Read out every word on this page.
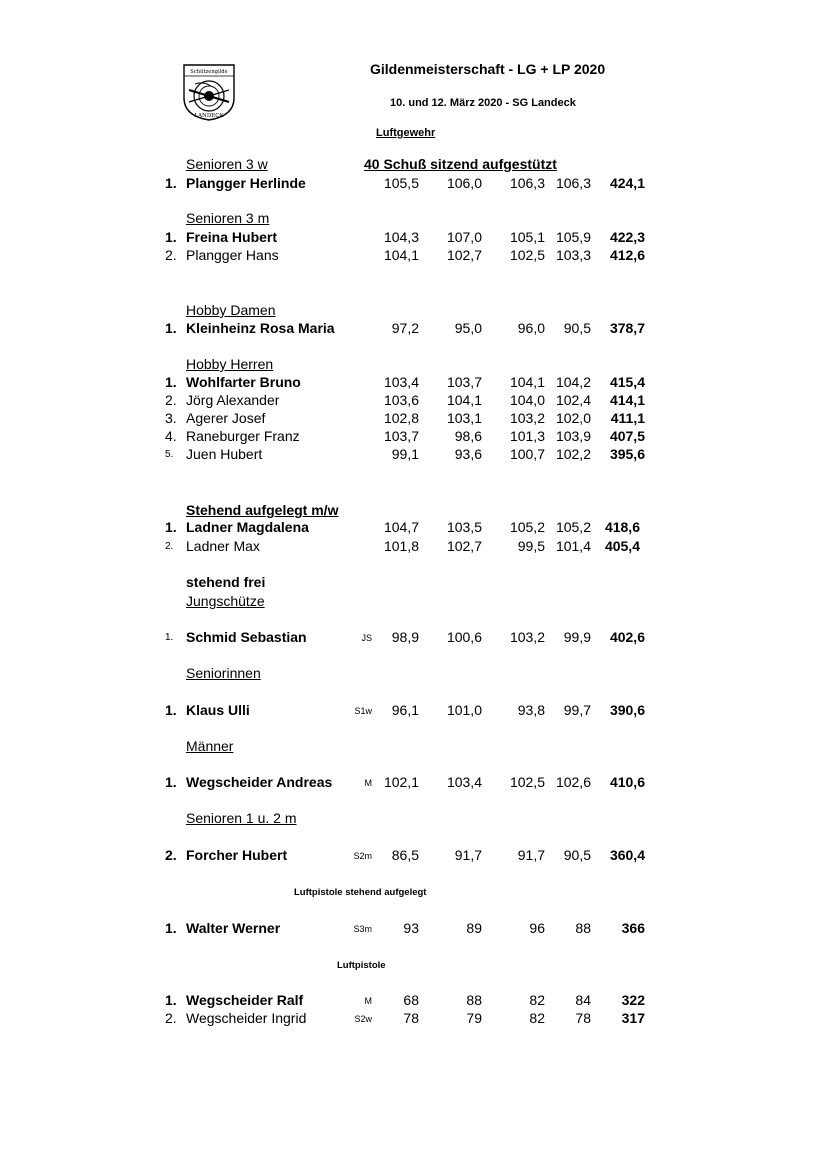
Schützengilde
LANDECK
Gildenmeisterschaft - LG + LP 2020
10. und 12. März 2020 - SG Landeck
Luftgewehr
Senioren 3 w	40 Schuß sitzend aufgestützt
Senioren 3 m
Hobby Damen
Hobby Herren
Stehend aufgelegt m/w
stehend frei
Jungschütze
Seniorinnen
Männer
Senioren 1 u. 2 m
Luftpistole stehend aufgelegt
Luftpistole
1. Plangger Herlinde	105,5 106,0 106,3 106,3 424,1
1. Freina Hubert	104,3 107,0 105,1 105,9 422,3
2. Plangger Hans	104,1 102,7 102,5 103,3 412,6
1. Kleinheinz Rosa Maria	97,2	95,0	96,0 90,5 378,7
1. Wohlfarter Bruno	103,4 103,7 104,1 104,2 415,4
2. Jörg Alexander	103,6 104,1 104,0 102,4 414,1
3. Agerer Josef	102,8 103,1 103,2 102,0 411,1
4. Raneburger Franz	103,7	98,6 101,3 103,9 407,5
5. Juen Hubert	99,1	93,6 100,7 102,2 395,6
1. Ladner Magdalena	104,7 103,5 105,2 105,2 418,6
2. Ladner Max	101,8 102,7	99,5 101,4 405,4
1. Schmid Sebastian	JS 98,9 100,6 103,2 99,9 402,6
1. Klaus Ulli	S1w 96,1 101,0	93,8 99,7 390,6
1. Wegscheider Andreas	M 102,1 103,4 102,5 102,6 410,6
2. Forcher Hubert	S2m 86,5	91,7	91,7 90,5 360,4
1. Walter Werner	S3m 93	89	96 88 366
1. Wegscheider Ralf	M 68	88	82 84 322
2. Wegscheider Ingrid	S2w 78	79	82 78 317
